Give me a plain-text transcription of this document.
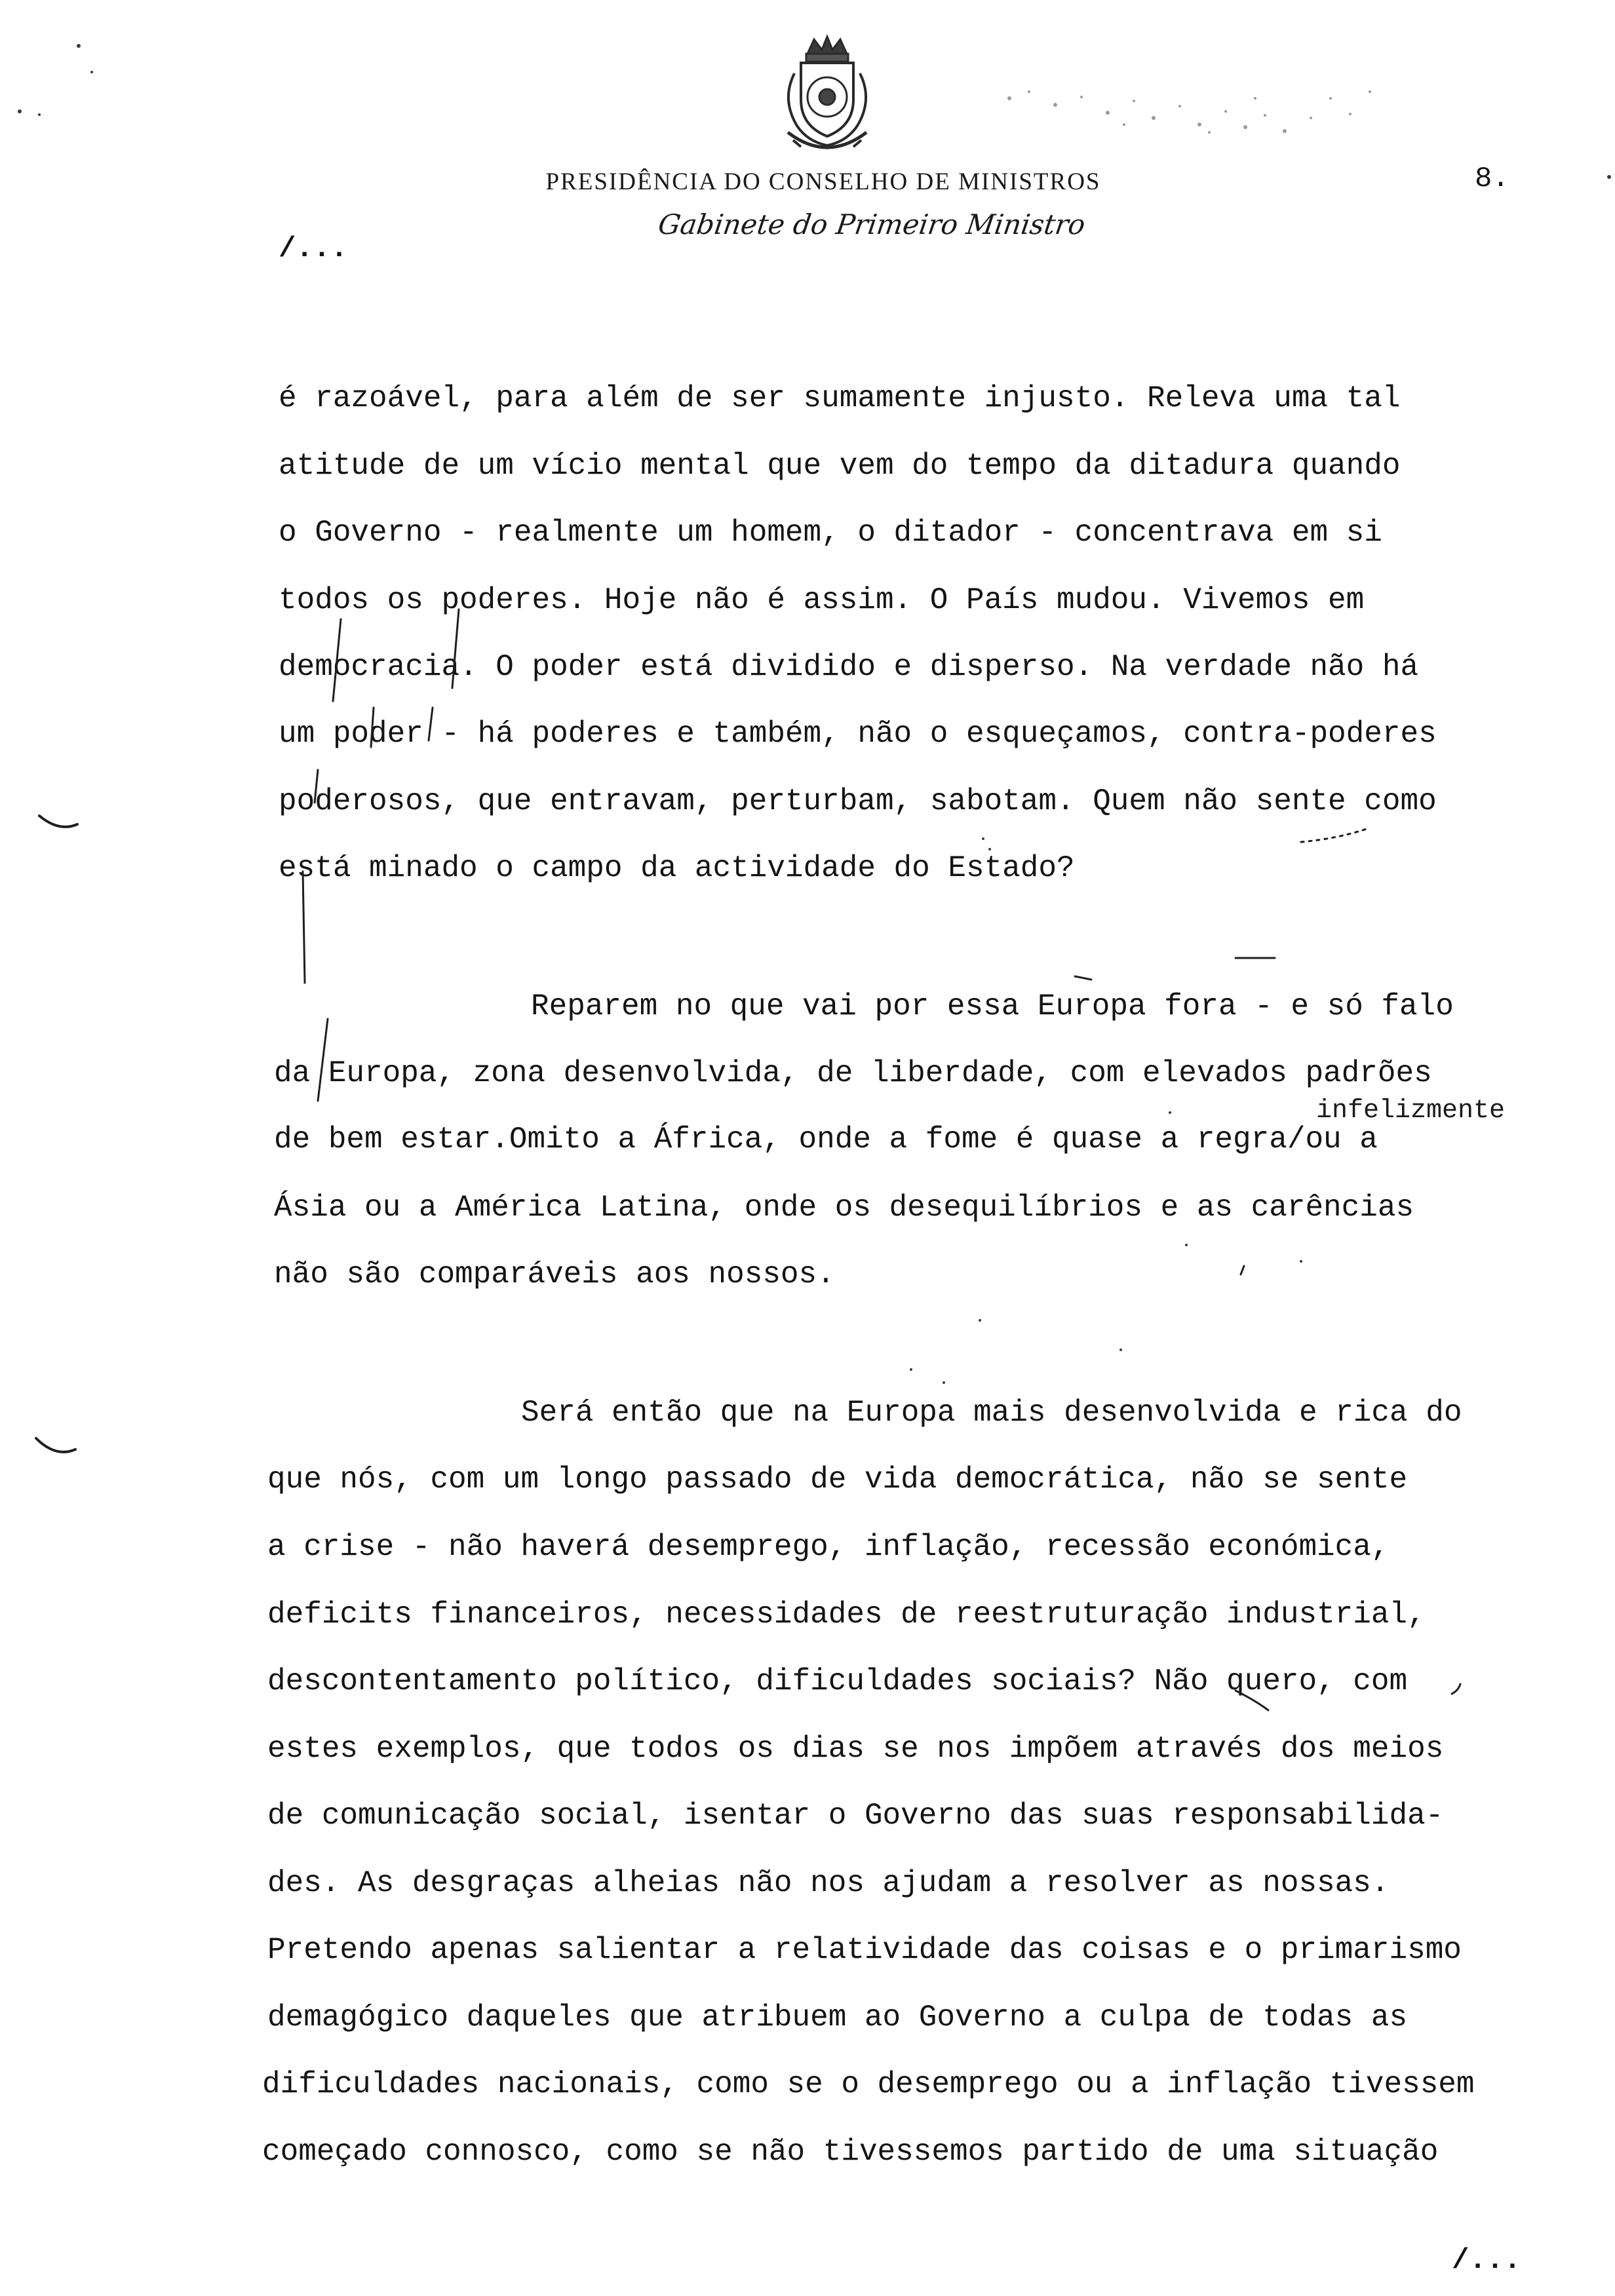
PRESIDÊNCIA DO CONSELHO DE MINISTROS
Gabinete do Primeiro Ministro
8.
/...
é razoável, para além de ser sumamente injusto. Releva uma tal
atitude de um vício mental que vem do tempo da ditadura quando
o Governo - realmente um homem, o ditador - concentrava em si
todos os poderes. Hoje não é assim. O País mudou. Vivemos em
democracia. O poder está dividido e disperso. Na verdade não há
um poder - há poderes e também, não o esqueçamos, contra-poderes
poderosos, que entravam, perturbam, sabotam. Quem não sente como
está minado o campo da actividade do Estado?
Reparem no que vai por essa Europa fora - e só falo
da Europa, zona desenvolvida, de liberdade, com elevados padrões
infelizmente
de bem estar.Omito a África, onde a fome é quase a regra/ou a
Ásia ou a América Latina, onde os desequilíbrios e as carências
não são comparáveis aos nossos.
Será então que na Europa mais desenvolvida e rica do
que nós, com um longo passado de vida democrática, não se sente
a crise - não haverá desemprego, inflação, recessão económica,
deficits financeiros, necessidades de reestruturação industrial,
descontentamento político, dificuldades sociais? Não quero, com
estes exemplos, que todos os dias se nos impõem através dos meios
de comunicação social, isentar o Governo das suas responsabilida-
des. As desgraças alheias não nos ajudam a resolver as nossas.
Pretendo apenas salientar a relatividade das coisas e o primarismo
demagógico daqueles que atribuem ao Governo a culpa de todas as
dificuldades nacionais, como se o desemprego ou a inflação tivessem
começado connosco, como se não tivessemos partido de uma situação
/...
